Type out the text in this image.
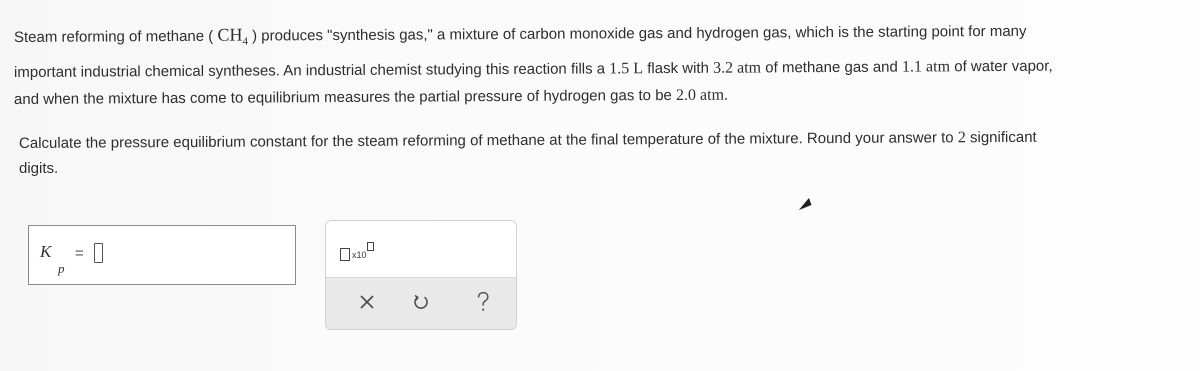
Steam reforming of methane ( $CH_4$ ) produces "synthesis gas," a mixture of carbon monoxide gas and hydrogen gas, which is the starting point for many
important industrial chemical syntheses. An industrial chemist studying this reaction fills a 1.5 L flask with 3.2 atm of methane gas and 1.1 atm of water vapor,
and when the mixture has come to equilibrium measures the partial pressure of hydrogen gas to be 2.0 atm.
Calculate the pressure equilibrium constant for the steam reforming of methane at the final temperature of the mixture. Round your answer to 2 significant
digits.
K
p
=	x10
